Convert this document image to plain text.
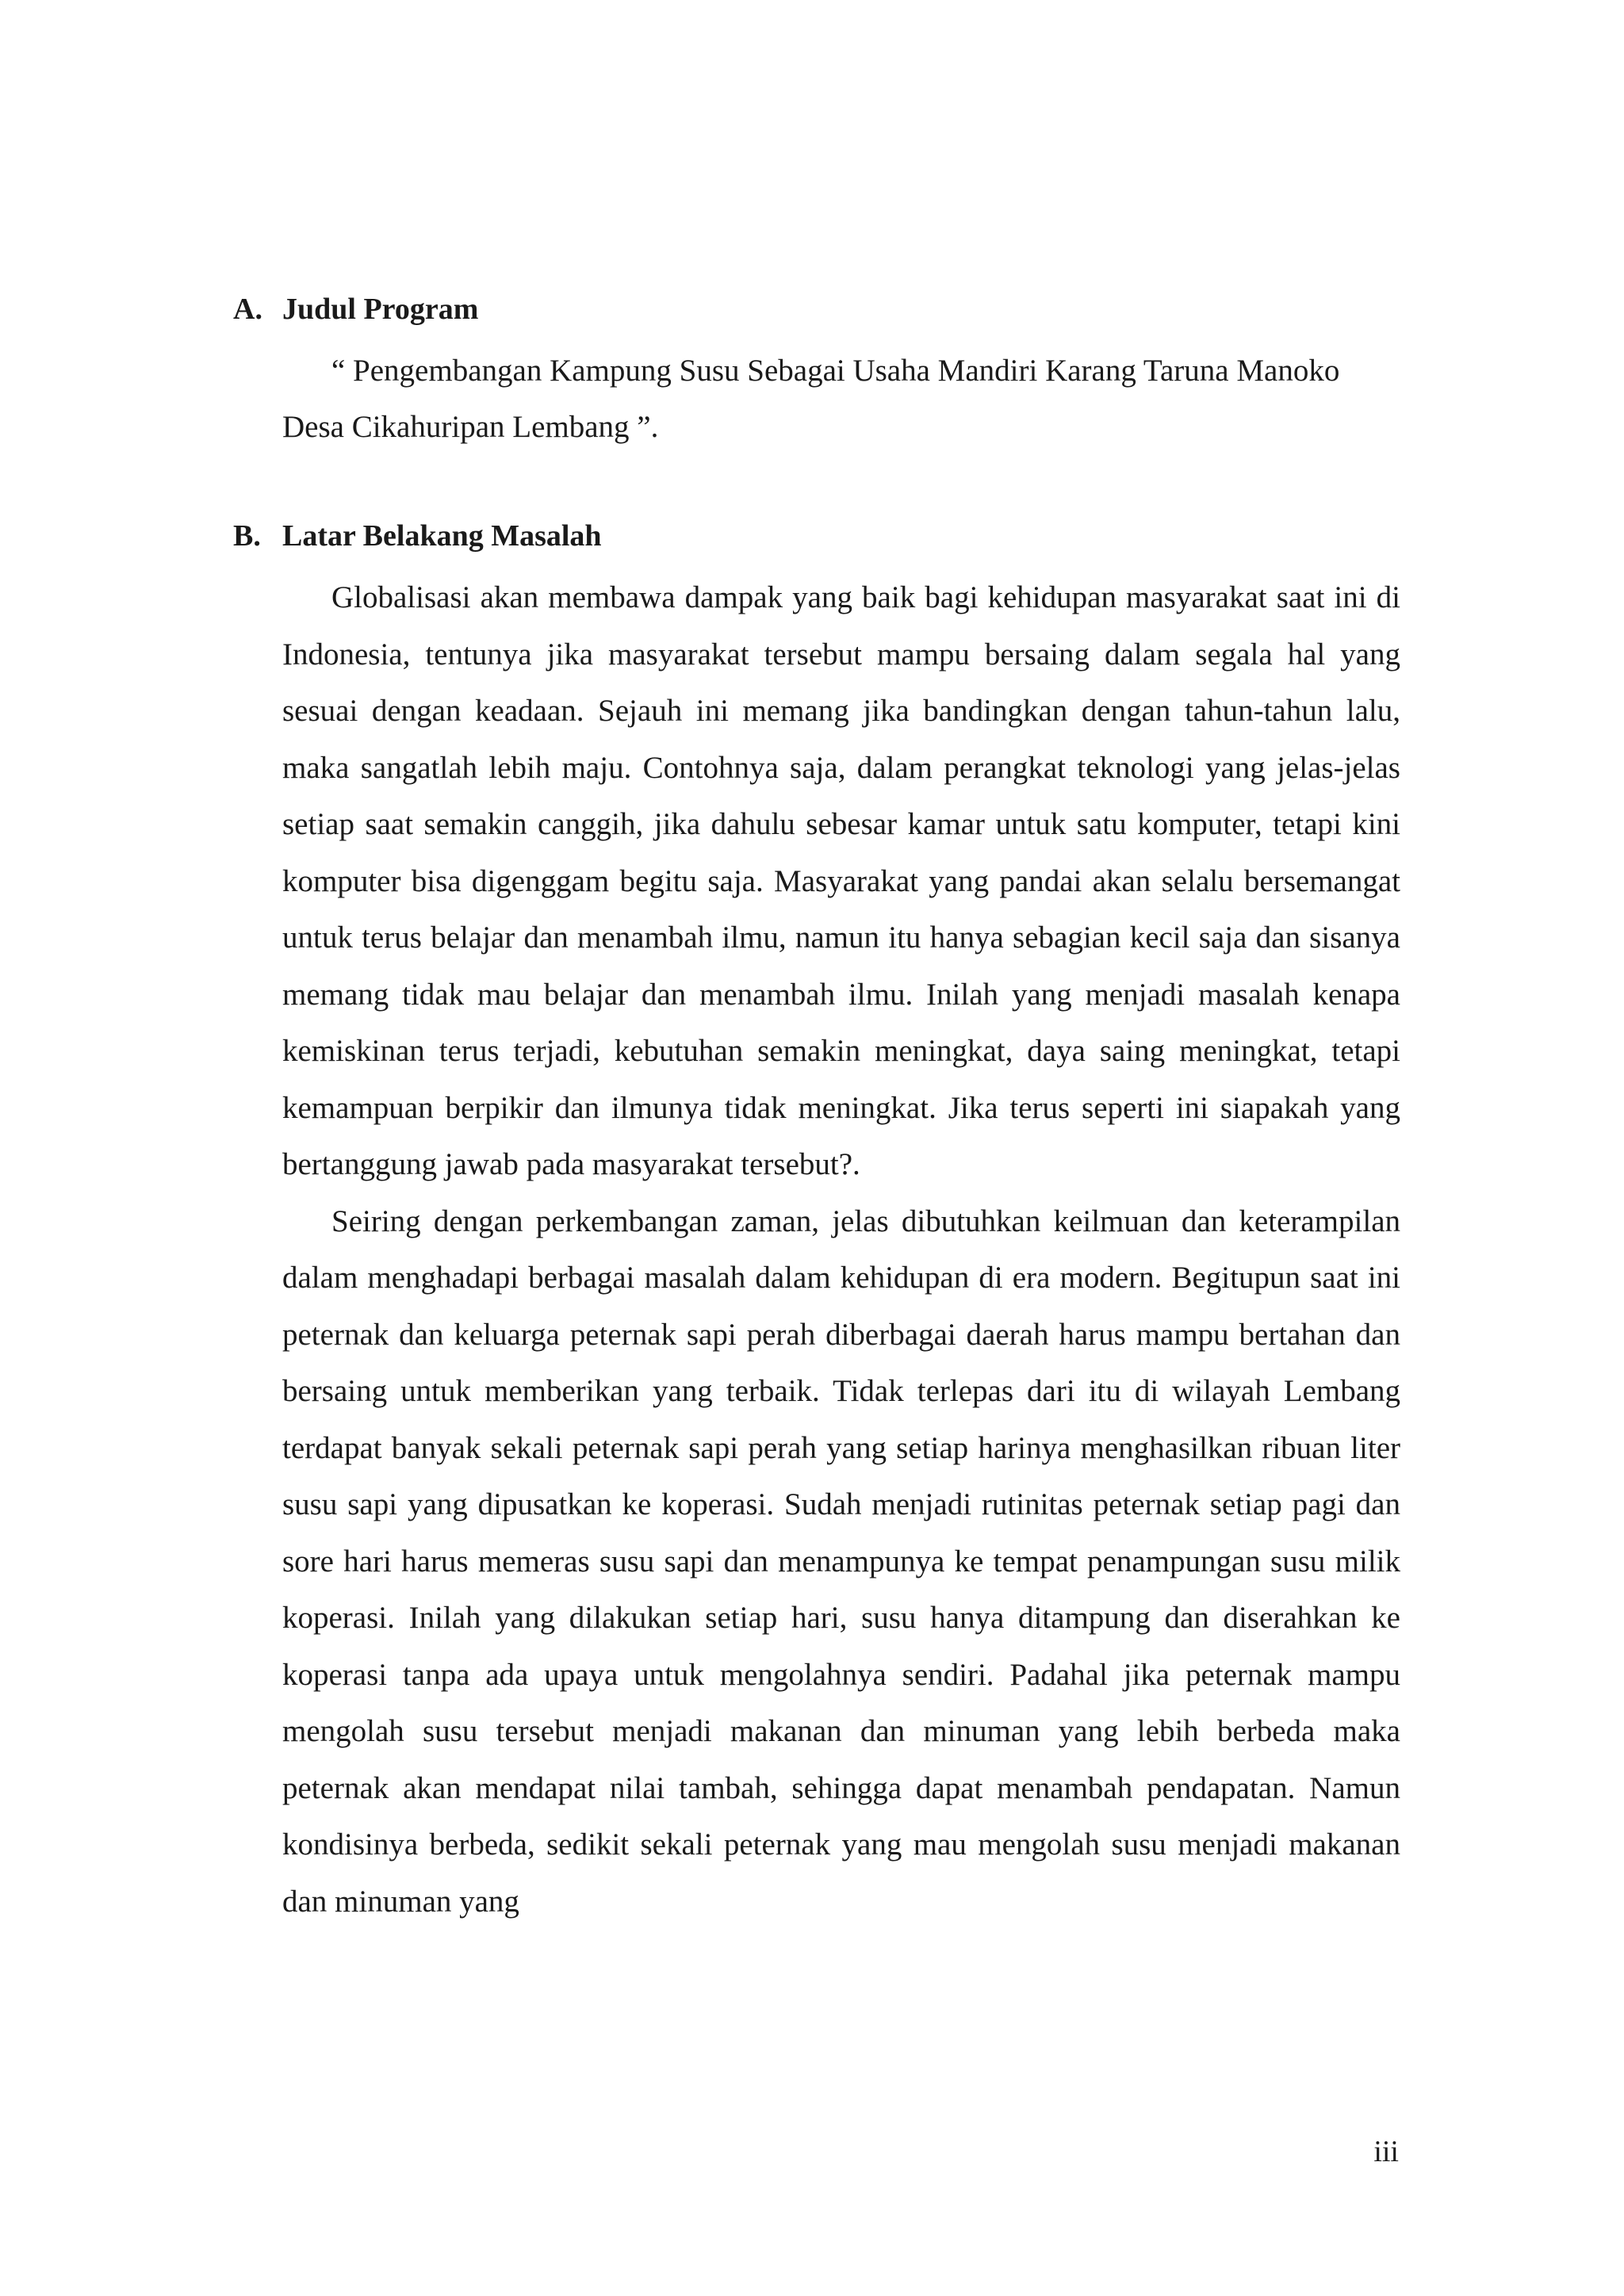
A. Judul Program

“ Pengembangan Kampung Susu Sebagai Usaha Mandiri Karang Taruna Manoko Desa Cikahuripan Lembang ”.

B. Latar Belakang Masalah

Globalisasi akan membawa dampak yang baik bagi kehidupan masyarakat saat ini di Indonesia, tentunya jika masyarakat tersebut mampu bersaing dalam segala hal yang sesuai dengan keadaan. Sejauh ini memang jika bandingkan dengan tahun-tahun lalu, maka sangatlah lebih maju. Contohnya saja, dalam perangkat teknologi yang jelas-jelas setiap saat semakin canggih, jika dahulu sebesar kamar untuk satu komputer, tetapi kini komputer bisa digenggam begitu saja. Masyarakat yang pandai akan selalu bersemangat untuk terus belajar dan menambah ilmu, namun itu hanya sebagian kecil saja dan sisanya memang tidak mau belajar dan menambah ilmu. Inilah yang menjadi masalah kenapa kemiskinan terus terjadi, kebutuhan semakin meningkat, daya saing meningkat, tetapi kemampuan berpikir dan ilmunya tidak meningkat. Jika terus seperti ini siapakah yang bertanggung jawab pada masyarakat tersebut?.

Seiring dengan perkembangan zaman, jelas dibutuhkan keilmuan dan keterampilan dalam menghadapi berbagai masalah dalam kehidupan di era modern. Begitupun saat ini peternak dan keluarga peternak sapi perah diberbagai daerah harus mampu bertahan dan bersaing untuk memberikan yang terbaik. Tidak terlepas dari itu di wilayah Lembang terdapat banyak sekali peternak sapi perah yang setiap harinya menghasilkan ribuan liter susu sapi yang dipusatkan ke koperasi. Sudah menjadi rutinitas peternak setiap pagi dan sore hari harus memeras susu sapi dan menampunya ke tempat penampungan susu milik koperasi. Inilah yang dilakukan setiap hari, susu hanya ditampung dan diserahkan ke koperasi tanpa ada upaya untuk mengolahnya sendiri. Padahal jika peternak mampu mengolah susu tersebut menjadi makanan dan minuman yang lebih berbeda maka peternak akan mendapat nilai tambah, sehingga dapat menambah pendapatan. Namun kondisinya berbeda, sedikit sekali peternak yang mau mengolah susu menjadi makanan dan minuman yang

iii
